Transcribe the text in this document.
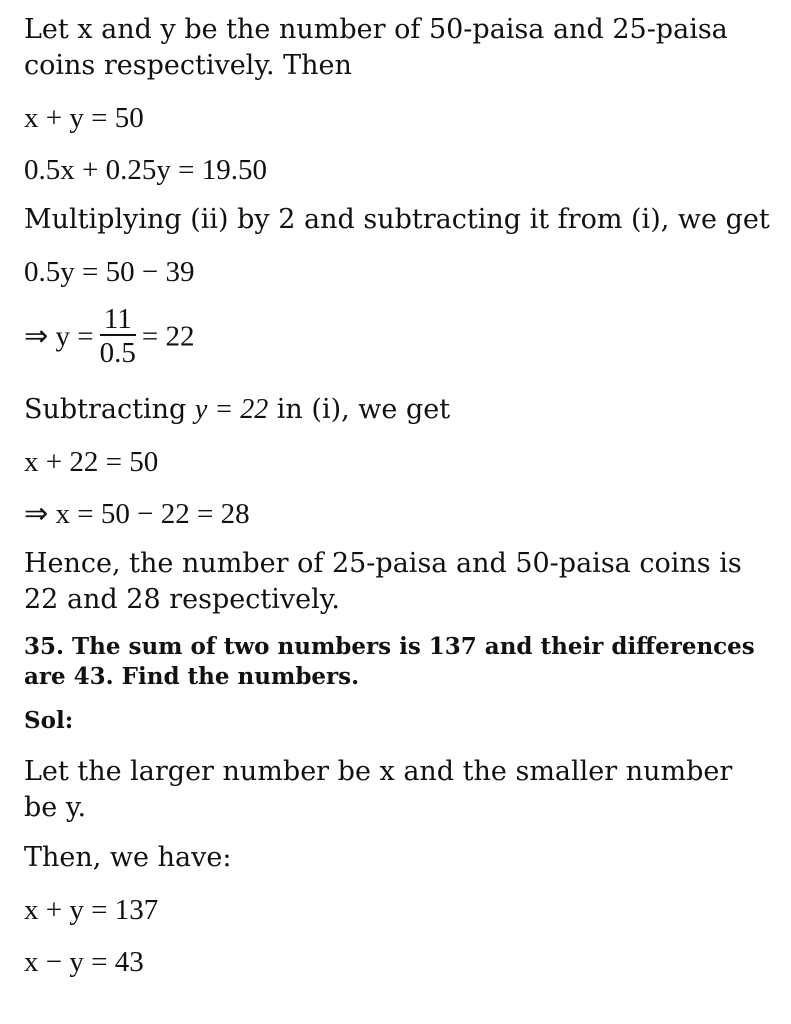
Let x and y be the number of 50-paisa and 25-paisa coins respectively. Then

x + y = 50

0.5x + 0.25y = 19.50

Multiplying (ii) by 2 and subtracting it from (i), we get

0.5y = 50 − 39

⇒ $y = \frac{11}{0.5} = 22$

Subtracting y = 22 in (i), we get

x + 22 = 50

⇒ x = 50 − 22 = 28

Hence, the number of 25-paisa and 50-paisa coins is 22 and 28 respectively.

35. The sum of two numbers is 137 and their differences are 43. Find the numbers.

Sol:

Let the larger number be x and the smaller number be y.

Then, we have:

x + y = 137

x − y = 43
